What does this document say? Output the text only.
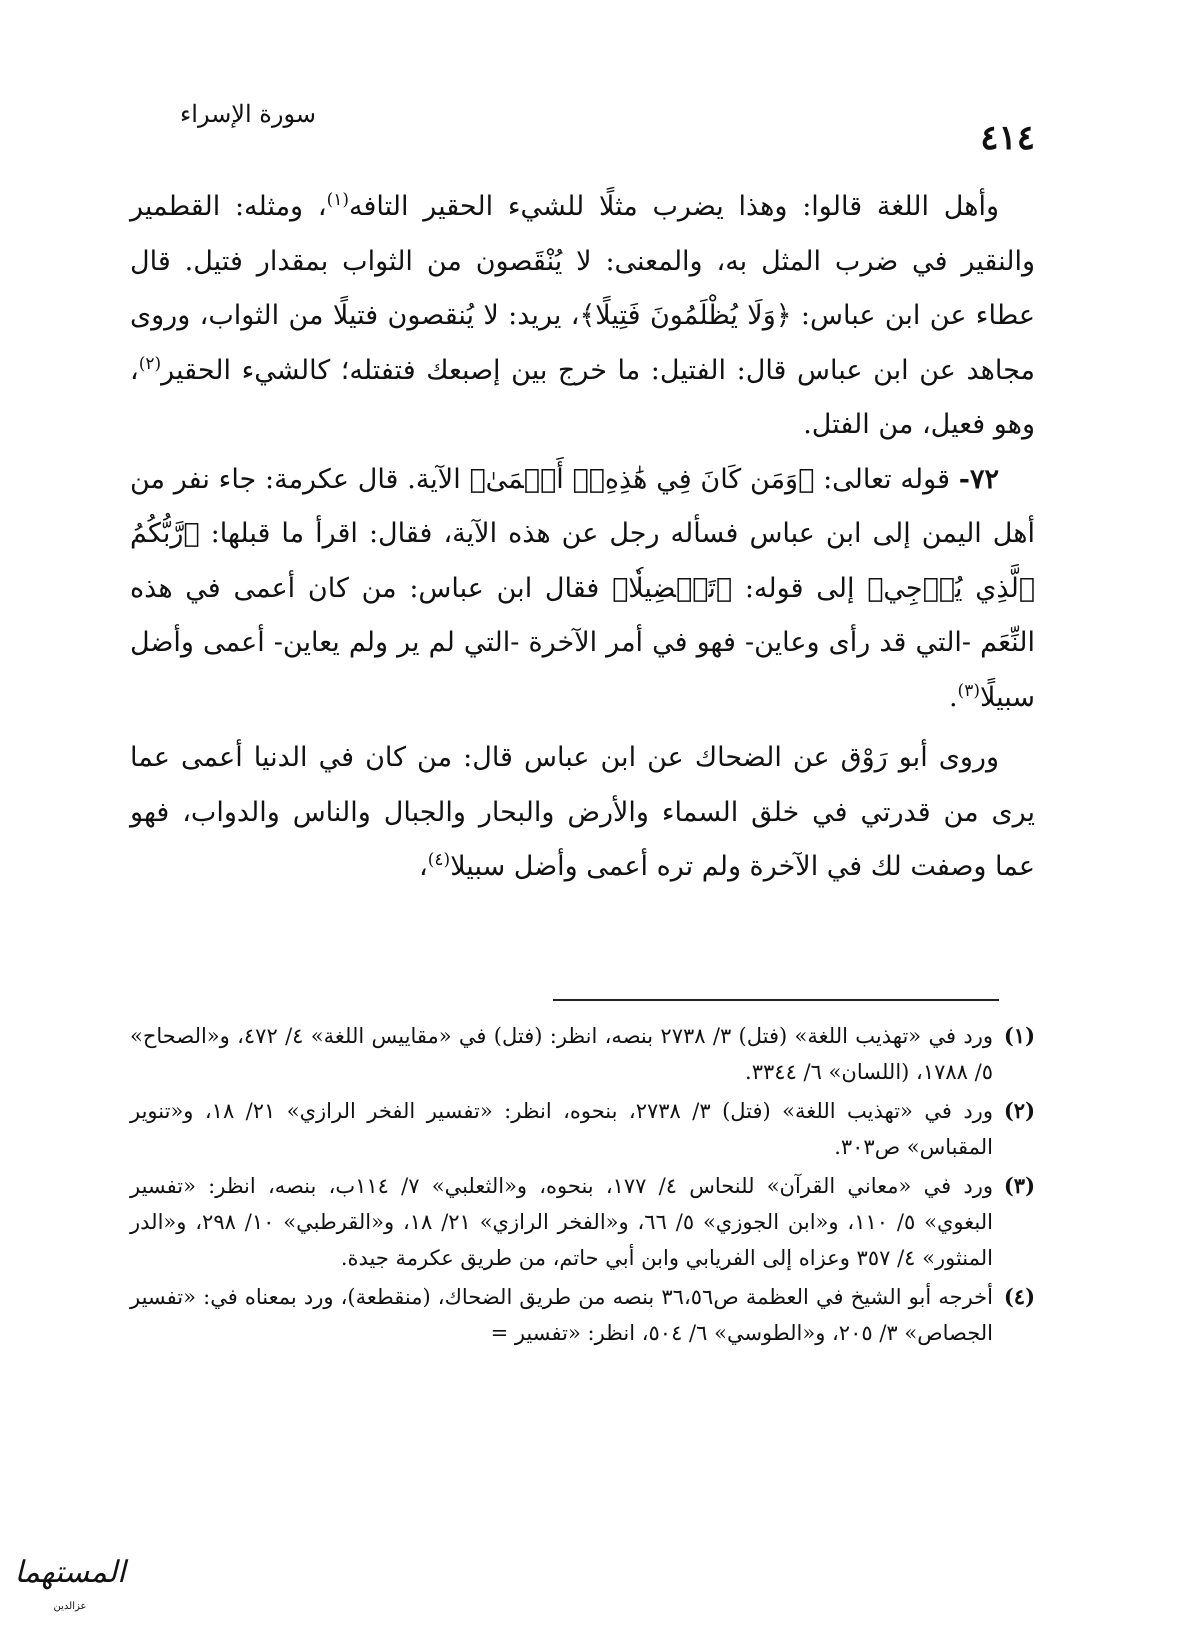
٤١٤
سورة الإسراء

وأهل اللغة قالوا: وهذا يضرب مثلًا للشيء الحقير التافه$^{(١)}$، ومثله: القطمير والنقير في ضرب المثل به، والمعنى: لا يُنْقَصون من الثواب بمقدار فتيل. قال عطاء عن ابن عباس: ﴿وَلَا يُظْلَمُونَ فَتِيلًا﴾، يريد: لا يُنقصون فتيلًا من الثواب، وروى مجاهد عن ابن عباس قال: الفتيل: ما خرج بين إصبعك فتفتله؛ كالشيء الحقير$^{(٢)}$، وهو فعيل، من الفتل.

٧٢- قوله تعالى: ﴿وَمَن كَانَ فِي هَٰذِهِۦٓ أَعۡمَىٰ﴾ الآية. قال عكرمة: جاء نفر من أهل اليمن إلى ابن عباس فسأله رجل عن هذه الآية، فقال: اقرأ ما قبلها: ﴿رَّبُّكُمُ ٱلَّذِي يُزۡجِي﴾ إلى قوله: ﴿تَفۡضِيلٗا﴾ فقال ابن عباس: من كان أعمى في هذه النِّعَم -التي قد رأى وعاين- فهو في أمر الآخرة -التي لم ير ولم يعاين- أعمى وأضل سبيلًا$^{(٣)}$.

وروى أبو رَوْق عن الضحاك عن ابن عباس قال: من كان في الدنيا أعمى عما يرى من قدرتي في خلق السماء والأرض والبحار والجبال والناس والدواب، فهو عما وصفت لك في الآخرة ولم تره أعمى وأضل سبيلا$^{(٤)}$،

(١)
ورد في «تهذيب اللغة» (فتل) ٣/ ٢٧٣٨ بنصه، انظر: (فتل) في «مقاييس اللغة» ٤/ ٤٧٢، و«الصحاح» ٥/ ١٧٨٨، (اللسان» ٦/ ٣٣٤٤.
(٢)
ورد في «تهذيب اللغة» (فتل) ٣/ ٢٧٣٨، بنحوه، انظر: «تفسير الفخر الرازي» ٢١/ ١٨، و«تنوير المقباس» ص٣٠٣.
(٣)
ورد في «معاني القرآن» للنحاس ٤/ ١٧٧، بنحوه، و«الثعلبي» ٧/ ١١٤ب، بنصه، انظر: «تفسير البغوي» ٥/ ١١٠، و«ابن الجوزي» ٥/ ٦٦، و«الفخر الرازي» ٢١/ ١٨، و«القرطبي» ١٠/ ٢٩٨، و«الدر المنثور» ٤/ ٣٥٧ وعزاه إلى الفريابي وابن أبي حاتم، من طريق عكرمة جيدة.
(٤)
أخرجه أبو الشيخ في العظمة ص٣٦،٥٦ بنصه من طريق الضحاك، (منقطعة)، ورد بمعناه في: «تفسير الجصاص» ٣/ ٢٠٥، و«الطوسي» ٦/ ٥٠٤، انظر: «تفسير =
المستهما
عزالدين
